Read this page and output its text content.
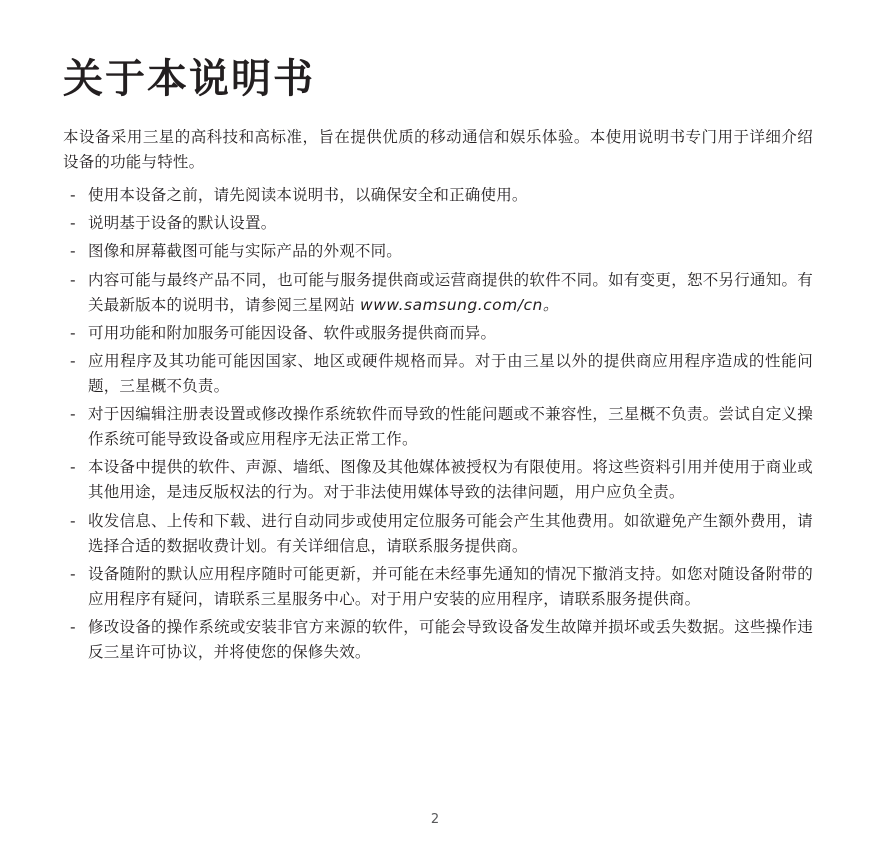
关于本说明书

本设备采用三星的高科技和高标准，旨在提供优质的移动通信和娱乐体验。本使用说明书专门用于详细介绍设备的功能与特性。

- 使用本设备之前，请先阅读本说明书，以确保安全和正确使用。
- 说明基于设备的默认设置。
- 图像和屏幕截图可能与实际产品的外观不同。
- 内容可能与最终产品不同，也可能与服务提供商或运营商提供的软件不同。如有变更，恕不另行通知。有关最新版本的说明书，请参阅三星网站 www.samsung.com/cn。
- 可用功能和附加服务可能因设备、软件或服务提供商而异。
- 应用程序及其功能可能因国家、地区或硬件规格而异。对于由三星以外的提供商应用程序造成的性能问题，三星概不负责。
- 对于因编辑注册表设置或修改操作系统软件而导致的性能问题或不兼容性，三星概不负责。尝试自定义操作系统可能导致设备或应用程序无法正常工作。
- 本设备中提供的软件、声源、墙纸、图像及其他媒体被授权为有限使用。将这些资料引用并使用于商业或其他用途，是违反版权法的行为。对于非法使用媒体导致的法律问题，用户应负全责。
- 收发信息、上传和下载、进行自动同步或使用定位服务可能会产生其他费用。如欲避免产生额外费用，请选择合适的数据收费计划。有关详细信息，请联系服务提供商。
- 设备随附的默认应用程序随时可能更新，并可能在未经事先通知的情况下撤消支持。如您对随设备附带的应用程序有疑问，请联系三星服务中心。对于用户安装的应用程序，请联系服务提供商。
- 修改设备的操作系统或安装非官方来源的软件，可能会导致设备发生故障并损坏或丢失数据。这些操作违反三星许可协议，并将使您的保修失效。
2
